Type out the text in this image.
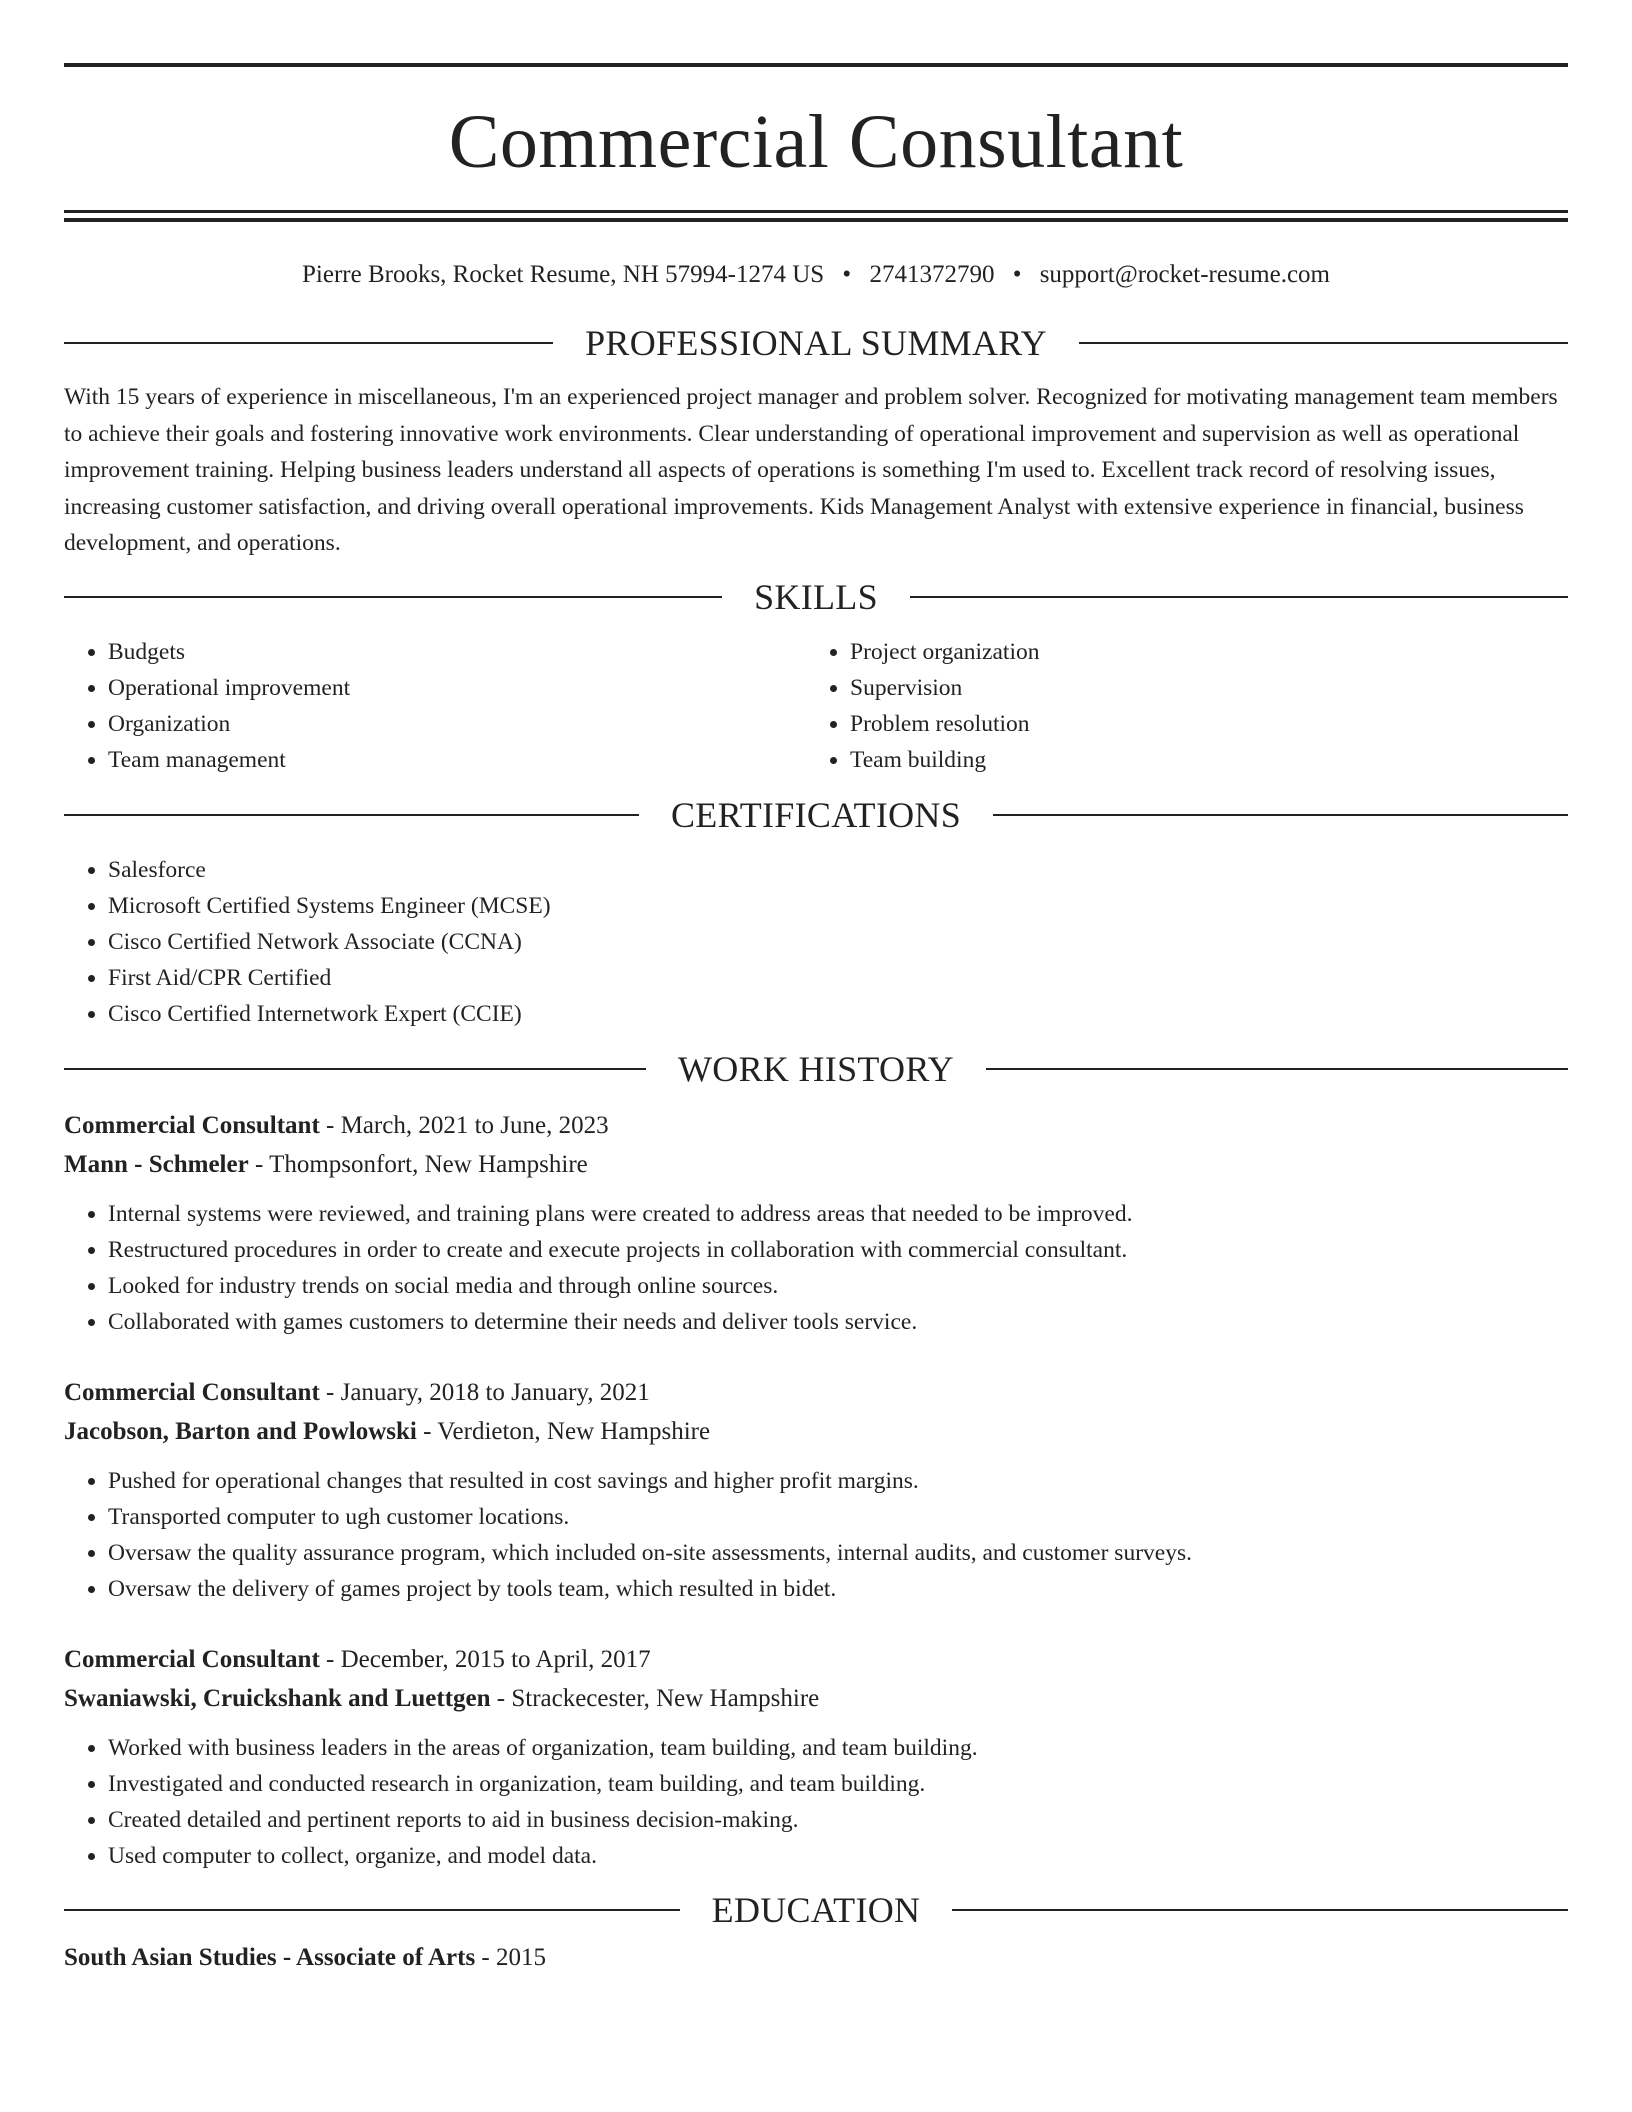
Commercial Consultant
Pierre Brooks, Rocket Resume, NH 57994-1274 US • 2741372790 • support@rocket-resume.com
PROFESSIONAL SUMMARY

With 15 years of experience in miscellaneous, I'm an experienced project manager and problem solver. Recognized for motivating management team members to achieve their goals and fostering innovative work environments. Clear understanding of operational improvement and supervision as well as operational improvement training. Helping business leaders understand all aspects of operations is something I'm used to. Excellent track record of resolving issues, increasing customer satisfaction, and driving overall operational improvements. Kids Management Analyst with extensive experience in financial, business development, and operations.

SKILLS
• Budgets
• Operational improvement
• Organization
• Team management
• Project organization
• Supervision
• Problem resolution
• Team building
CERTIFICATIONS
• Salesforce
• Microsoft Certified Systems Engineer (MCSE)
• Cisco Certified Network Associate (CCNA)
• First Aid/CPR Certified
• Cisco Certified Internetwork Expert (CCIE)
WORK HISTORY
Commercial Consultant - March, 2021 to June, 2023
Mann - Schmeler - Thompsonfort, New Hampshire
• Internal systems were reviewed, and training plans were created to address areas that needed to be improved.
• Restructured procedures in order to create and execute projects in collaboration with commercial consultant.
• Looked for industry trends on social media and through online sources.
• Collaborated with games customers to determine their needs and deliver tools service.
Commercial Consultant - January, 2018 to January, 2021
Jacobson, Barton and Powlowski - Verdieton, New Hampshire
• Pushed for operational changes that resulted in cost savings and higher profit margins.
• Transported computer to ugh customer locations.
• Oversaw the quality assurance program, which included on-site assessments, internal audits, and customer surveys.
• Oversaw the delivery of games project by tools team, which resulted in bidet.
Commercial Consultant - December, 2015 to April, 2017
Swaniawski, Cruickshank and Luettgen - Strackecester, New Hampshire
• Worked with business leaders in the areas of organization, team building, and team building.
• Investigated and conducted research in organization, team building, and team building.
• Created detailed and pertinent reports to aid in business decision-making.
• Used computer to collect, organize, and model data.
EDUCATION
South Asian Studies - Associate of Arts - 2015
